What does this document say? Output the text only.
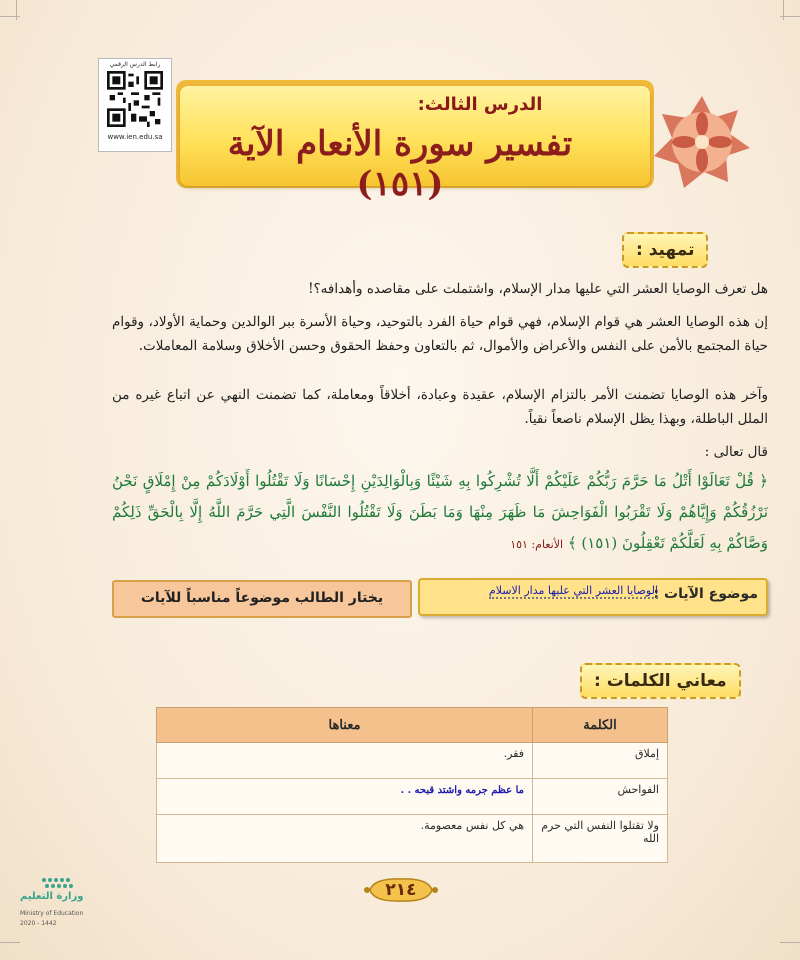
رابط الدرس الرقمي
www.ien.edu.sa
الدرس الثالث:
تفسير سورة الأنعام الآية (١٥١)
تمهيد :
هل تعرف الوصايا العشر التي عليها مدار الإسلام، واشتملت على مقاصده وأهدافه؟!
إن هذه الوصايا العشر هي قوام الإسلام، فهي قوام حياة الفرد بالتوحيد، وحياة الأسرة ببر الوالدين وحماية الأولاد، وقوام حياة المجتمع بالأمن على النفس والأعراض والأموال، ثم بالتعاون وحفظ الحقوق وحسن الأخلاق وسلامة المعاملات.
وآخر هذه الوصايا تضمنت الأمر بالتزام الإسلام، عقيدة وعبادة، أخلاقاً ومعاملة، كما تضمنت النهي عن اتباع غيره من الملل الباطلة، وبهذا يظل الإسلام ناصعاً نقياً.
قال تعالى :
﴿ قُلْ تَعَالَوْا أَتْلُ مَا حَرَّمَ رَبُّكُمْ عَلَيْكُمْ أَلَّا تُشْرِكُوا بِهِ شَيْئًا وَبِالْوَالِدَيْنِ إِحْسَانًا وَلَا تَقْتُلُوا أَوْلَادَكُمْ مِنْ إِمْلَاقٍ نَحْنُ نَرْزُقُكُمْ وَإِيَّاهُمْ وَلَا تَقْرَبُوا الْفَوَاحِشَ مَا ظَهَرَ مِنْهَا وَمَا بَطَنَ وَلَا تَقْتُلُوا النَّفْسَ الَّتِي حَرَّمَ اللَّهُ إِلَّا بِالْحَقِّ ذَلِكُمْ وَصَّاكُمْ بِهِ لَعَلَّكُمْ تَعْقِلُونَ (١٥١) ﴾ الأنعام: ١٥١
موضوع الآيات :
الوصايا العشر التي عليها مدار الاسلام
يختار الطالب موضوعاً مناسباً للآيات
معاني الكلمات :
الكلمة	معناها
إملاق	فقر.
الفواحش	ما عظم جرمه واشتد قبحه . .
ولا تقتلوا النفس التي حرم الله	هي كل نفس معصومة.
٢١٤
وزارة التعليم
Ministry of Education
2020 - 1442
